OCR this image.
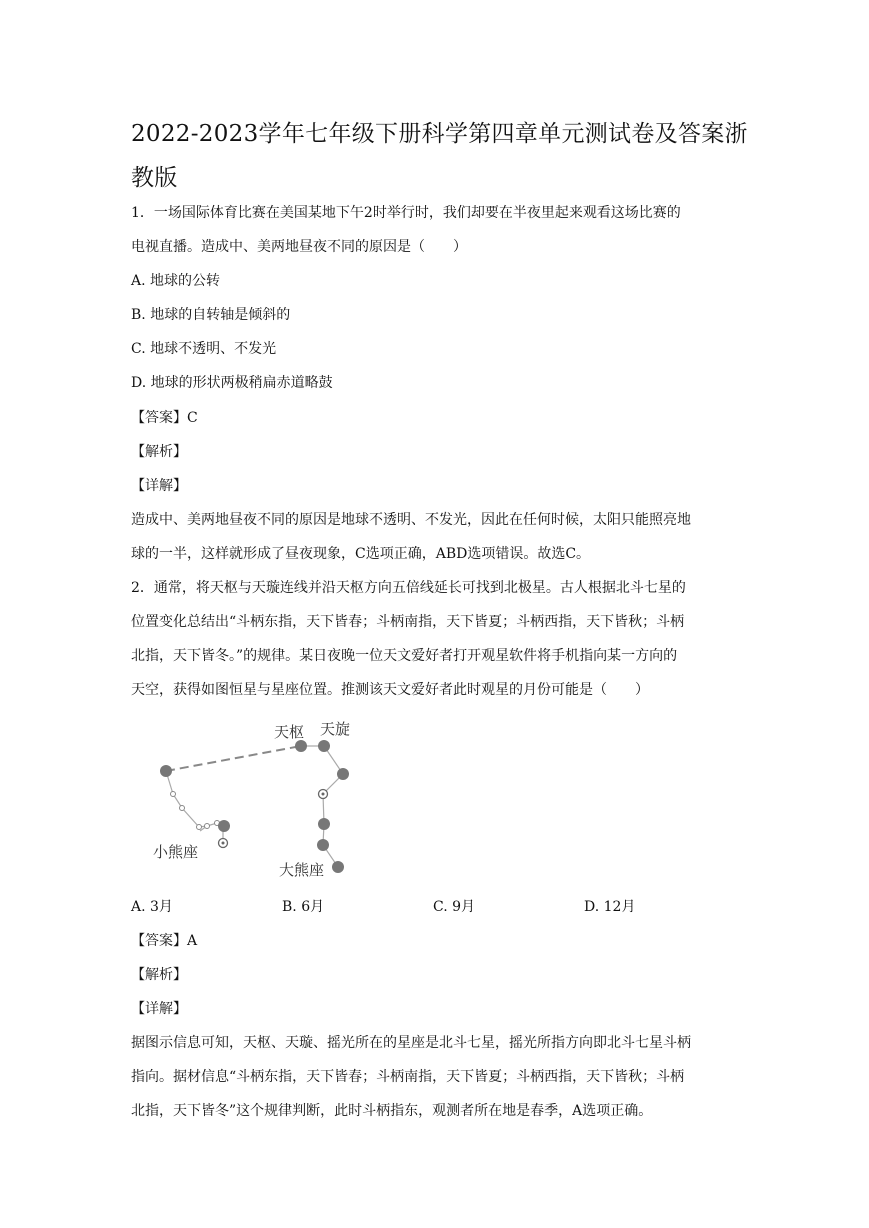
2022-2023学年七年级下册科学第四章单元测试卷及答案浙
教版
1．一场国际体育比赛在美国某地下午2时举行时，我们却要在半夜里起来观看这场比赛的
电视直播。造成中、美两地昼夜不同的原因是（　　）
A. 地球的公转
B. 地球的自转轴是倾斜的
C. 地球不透明、不发光
D. 地球的形状两极稍扁赤道略鼓
【答案】C
【解析】
【详解】
造成中、美两地昼夜不同的原因是地球不透明、不发光，因此在任何时候，太阳只能照亮地
球的一半，这样就形成了昼夜现象，C选项正确，ABD选项错误。故选C。
2．通常，将天枢与天璇连线并沿天枢方向五倍线延长可找到北极星。古人根据北斗七星的
位置变化总结出“斗柄东指，天下皆春；斗柄南指，天下皆夏；斗柄西指，天下皆秋；斗柄
北指，天下皆冬。”的规律。某日夜晚一位天文爱好者打开观星软件将手机指向某一方向的
天空，获得如图恒星与星座位置。推测该天文爱好者此时观星的月份可能是（　　）
天枢 天旋
小熊座
大熊座
A. 3月	B. 6月	C. 9月	D. 12月
【答案】A
【解析】
【详解】
据图示信息可知，天枢、天璇、摇光所在的星座是北斗七星，摇光所指方向即北斗七星斗柄
指向。据材信息“斗柄东指，天下皆春；斗柄南指，天下皆夏；斗柄西指，天下皆秋；斗柄
北指，天下皆冬”这个规律判断，此时斗柄指东，观测者所在地是春季，A选项正确。
